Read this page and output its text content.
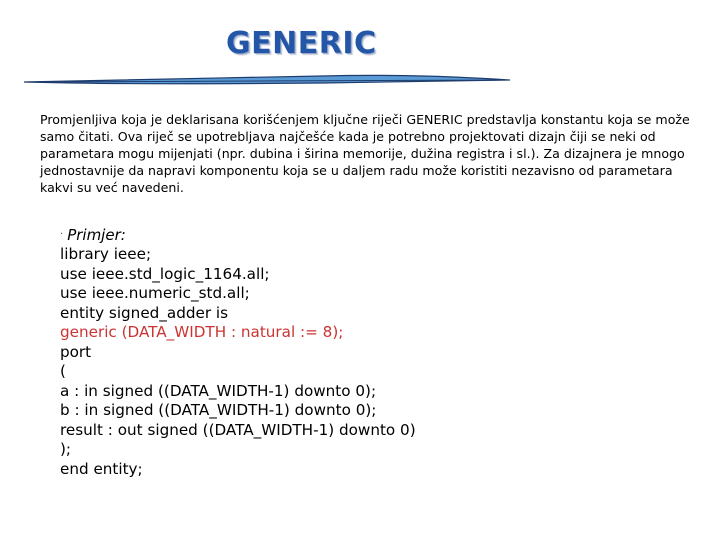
GENERIC

Promjenljiva koja je deklarisana korišćenjem ključne riječi GENERIC predstavlja konstantu koja se može samo čitati. Ova riječ se upotrebljava najčešće kada je potrebno projektovati dizajn čiji se neki od parametara mogu mijenjati (npr. dubina i širina memorije, dužina registra i sl.). Za dizajnera je mnogo jednostavnije da napravi komponentu koja se u daljem radu može koristiti nezavisno od parametara kakvi su već navedeni.

· Primjer:
library ieee;
use ieee.std_logic_1164.all;
use ieee.numeric_std.all;
entity signed_adder is
generic (DATA_WIDTH : natural := 8);
port
(
a : in signed ((DATA_WIDTH-1) downto 0);
b : in signed ((DATA_WIDTH-1) downto 0);
result : out signed ((DATA_WIDTH-1) downto 0)
);
end entity;
